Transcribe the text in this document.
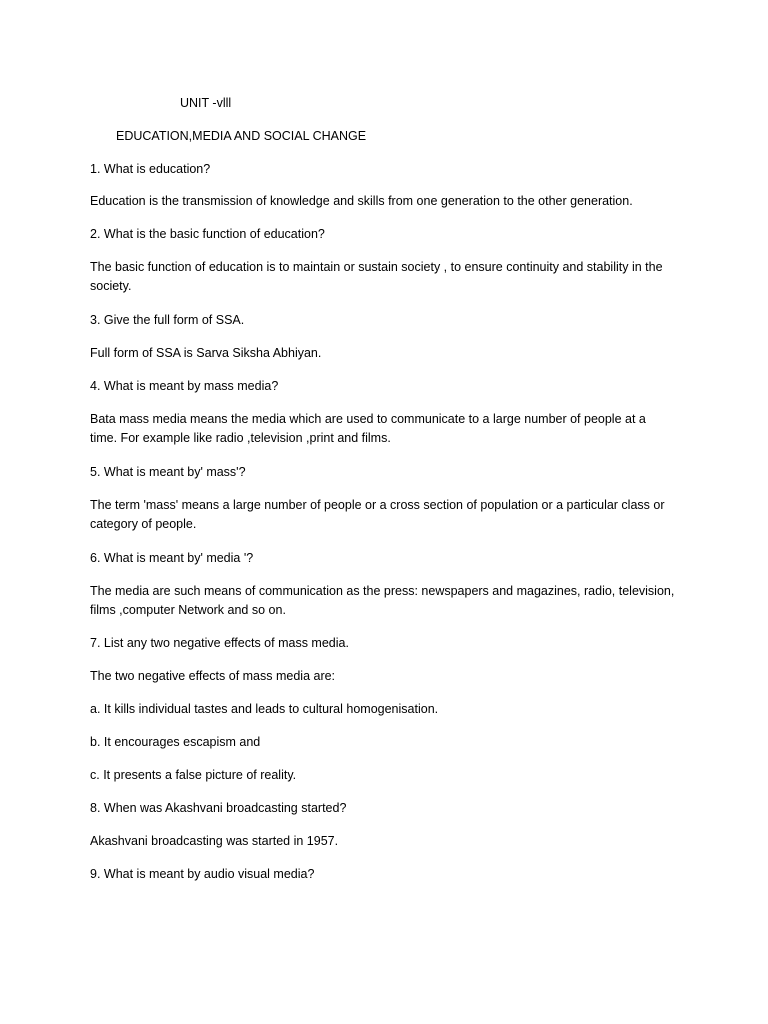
UNIT -vlll
EDUCATION,MEDIA AND SOCIAL CHANGE
1. What is education?
Education is the transmission of knowledge and skills from one generation to the other generation.
2. What is the basic function of education?
The basic function of education is to maintain or sustain society , to ensure continuity and stability in the
society.
3. Give the full form of SSA.
Full form of SSA is Sarva Siksha Abhiyan.
4. What is meant by mass media?
Bata mass media means the media which are used to communicate to a large number of people at a
time. For example like radio ,television ,print and films.
5. What is meant by' mass'?
The term 'mass' means a large number of people or a cross section of population or a particular class or
category of people.
6. What is meant by' media '?
The media are such means of communication as the press: newspapers and magazines, radio, television,
films ,computer Network and so on.
7. List any two negative effects of mass media.
The two negative effects of mass media are:
a. It kills individual tastes and leads to cultural homogenisation.
b. It encourages escapism and
c. It presents a false picture of reality.
8. When was Akashvani broadcasting started?
Akashvani broadcasting was started in 1957.
9. What is meant by audio visual media?
